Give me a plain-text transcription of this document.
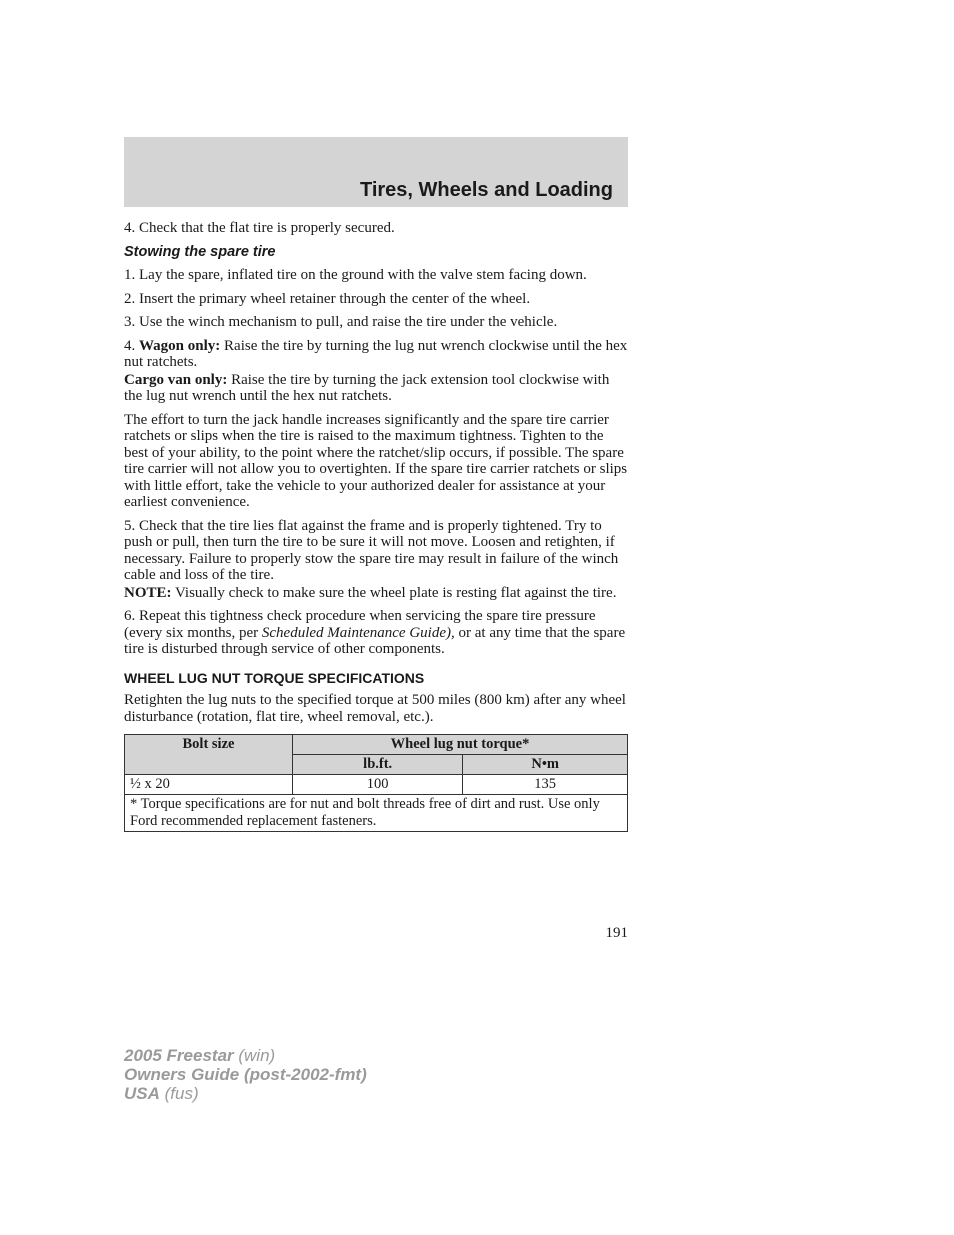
Tires, Wheels and Loading

4. Check that the flat tire is properly secured.

Stowing the spare tire

1. Lay the spare, inflated tire on the ground with the valve stem facing down.

2. Insert the primary wheel retainer through the center of the wheel.

3. Use the winch mechanism to pull, and raise the tire under the vehicle.

4. Wagon only: Raise the tire by turning the lug nut wrench clockwise until the hex nut ratchets.

Cargo van only: Raise the tire by turning the jack extension tool clockwise with the lug nut wrench until the hex nut ratchets.

The effort to turn the jack handle increases significantly and the spare tire carrier ratchets or slips when the tire is raised to the maximum tightness. Tighten to the best of your ability, to the point where the ratchet/slip occurs, if possible. The spare tire carrier will not allow you to overtighten. If the spare tire carrier ratchets or slips with little effort, take the vehicle to your authorized dealer for assistance at your earliest convenience.

5. Check that the tire lies flat against the frame and is properly tightened. Try to push or pull, then turn the tire to be sure it will not move. Loosen and retighten, if necessary. Failure to properly stow the spare tire may result in failure of the winch cable and loss of the tire.

NOTE: Visually check to make sure the wheel plate is resting flat against the tire.

6. Repeat this tightness check procedure when servicing the spare tire pressure (every six months, per Scheduled Maintenance Guide), or at any time that the spare tire is disturbed through service of other components.

WHEEL LUG NUT TORQUE SPECIFICATIONS

Retighten the lug nuts to the specified torque at 500 miles (800 km) after any wheel disturbance (rotation, flat tire, wheel removal, etc.).

Bolt size	Wheel lug nut torque*	
	lb.ft.	N•m
½ x 20	100	135
* Torque specifications are for nut and bolt threads free of dirt and rust. Use only Ford recommended replacement fasteners.		
191
2005 Freestar (win)
Owners Guide (post-2002-fmt)
USA (fus)
